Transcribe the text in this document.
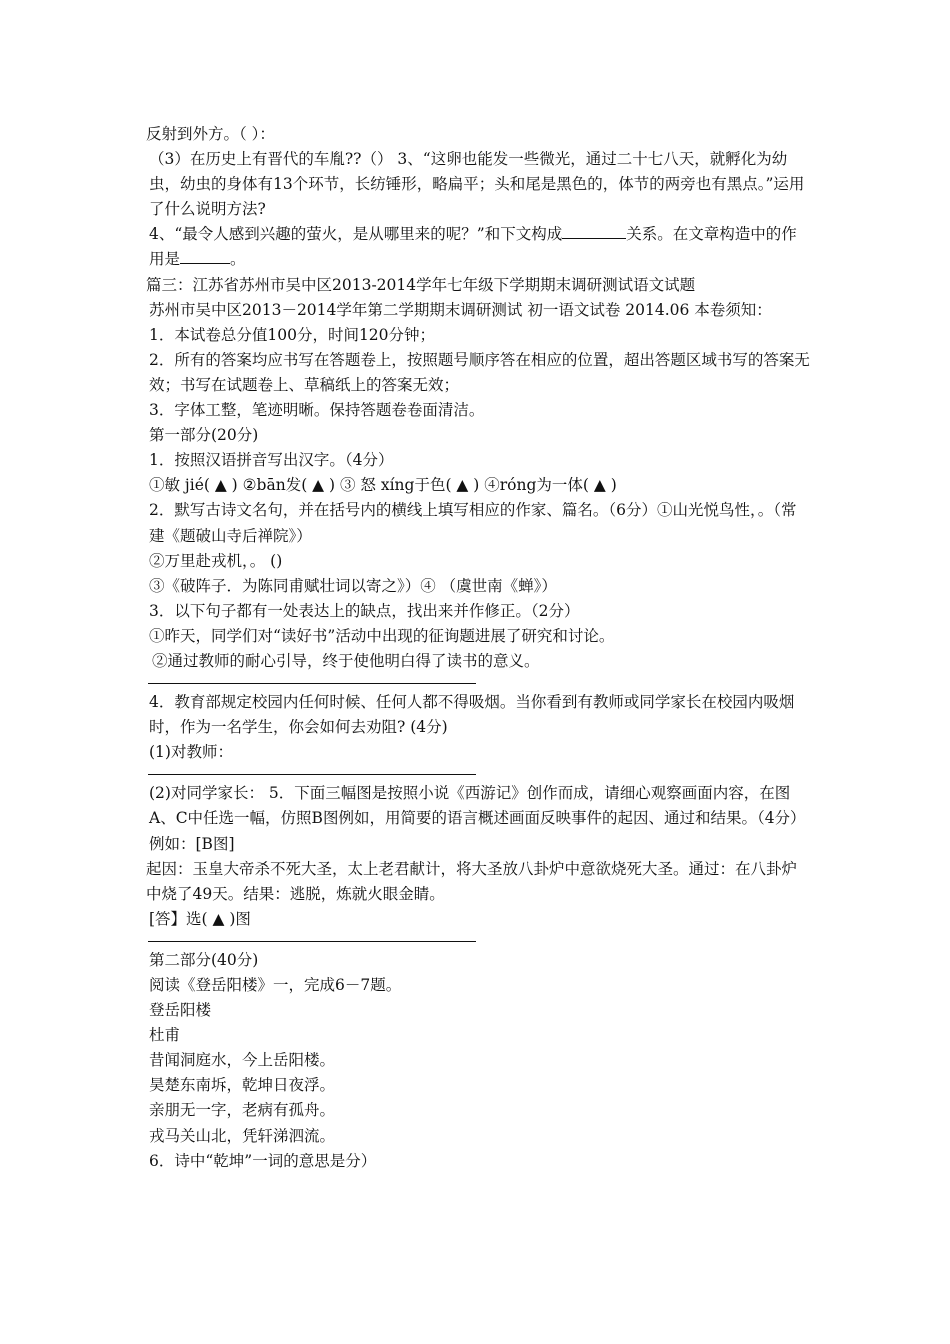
反射到外方。（ ）：
（3）在历史上有晋代的车胤??（） 3、“这卵也能发一些微光，通过二十七八天，就孵化为幼虫，幼虫的身体有13个环节，长纺锤形，略扁平；头和尾是黑色的，体节的两旁也有黑点。”运用了什么说明方法?
4、“最令人感到兴趣的萤火，是从哪里来的呢？”和下文构成	关系。在文章构造中的作用是	。
篇三：江苏省苏州市吴中区2013-2014学年七年级下学期期末调研测试语文试题
苏州市吴中区2013－2014学年第二学期期末调研测试 初一语文试卷 2014.06 本卷须知：
1．本试卷总分值100分，时间120分钟；
2．所有的答案均应书写在答题卷上，按照题号顺序答在相应的位置，超出答题区域书写的答案无效；书写在试题卷上、草稿纸上的答案无效；
3．字体工整，笔迹明晰。保持答题卷卷面清洁。
第一部分(20分)
1．按照汉语拼音写出汉字。（4分）
①敏 jié( ▲ ) ②bān发( ▲ ) ③ 怒 xíng于色( ▲ ) ④róng为一体( ▲ )
2．默写古诗文名句，并在括号内的横线上填写相应的作家、篇名。（6分）①山光悦鸟性，。（常建《题破山寺后禅院》）
②万里赴戎机，。 ()
③《破阵子．为陈同甫赋壮词以寄之》）④ （虞世南《蝉》）
3．以下句子都有一处表达上的缺点，找出来并作修正。（2分）
①昨天，同学们对“读好书”活动中出现的征询题进展了研究和讨论。
②通过教师的耐心引导，终于使他明白得了读书的意义。
4．教育部规定校园内任何时候、任何人都不得吸烟。当你看到有教师或同学家长在校园内吸烟时，作为一名学生，你会如何去劝阻? (4分)
(1)对教师：
(2)对同学家长： 5．下面三幅图是按照小说《西游记》创作而成，请细心观察画面内容，在图A、C中任选一幅，仿照B图例如，用简要的语言概述画面反映事件的起因、通过和结果。（4分）
例如：[B图]
起因：玉皇大帝杀不死大圣，太上老君献计，将大圣放八卦炉中意欲烧死大圣。通过：在八卦炉中烧了49天。结果：逃脱，炼就火眼金睛。
[答】选( ▲ )图
第二部分(40分)
阅读《登岳阳楼》一，完成6－7题。
登岳阳楼
杜甫
昔闻洞庭水，今上岳阳楼。
昊楚东南坼，乾坤日夜浮。
亲朋无一字，老病有孤舟。
戎马关山北，凭轩涕泗流。
6．诗中“乾坤”一词的意思是分）
